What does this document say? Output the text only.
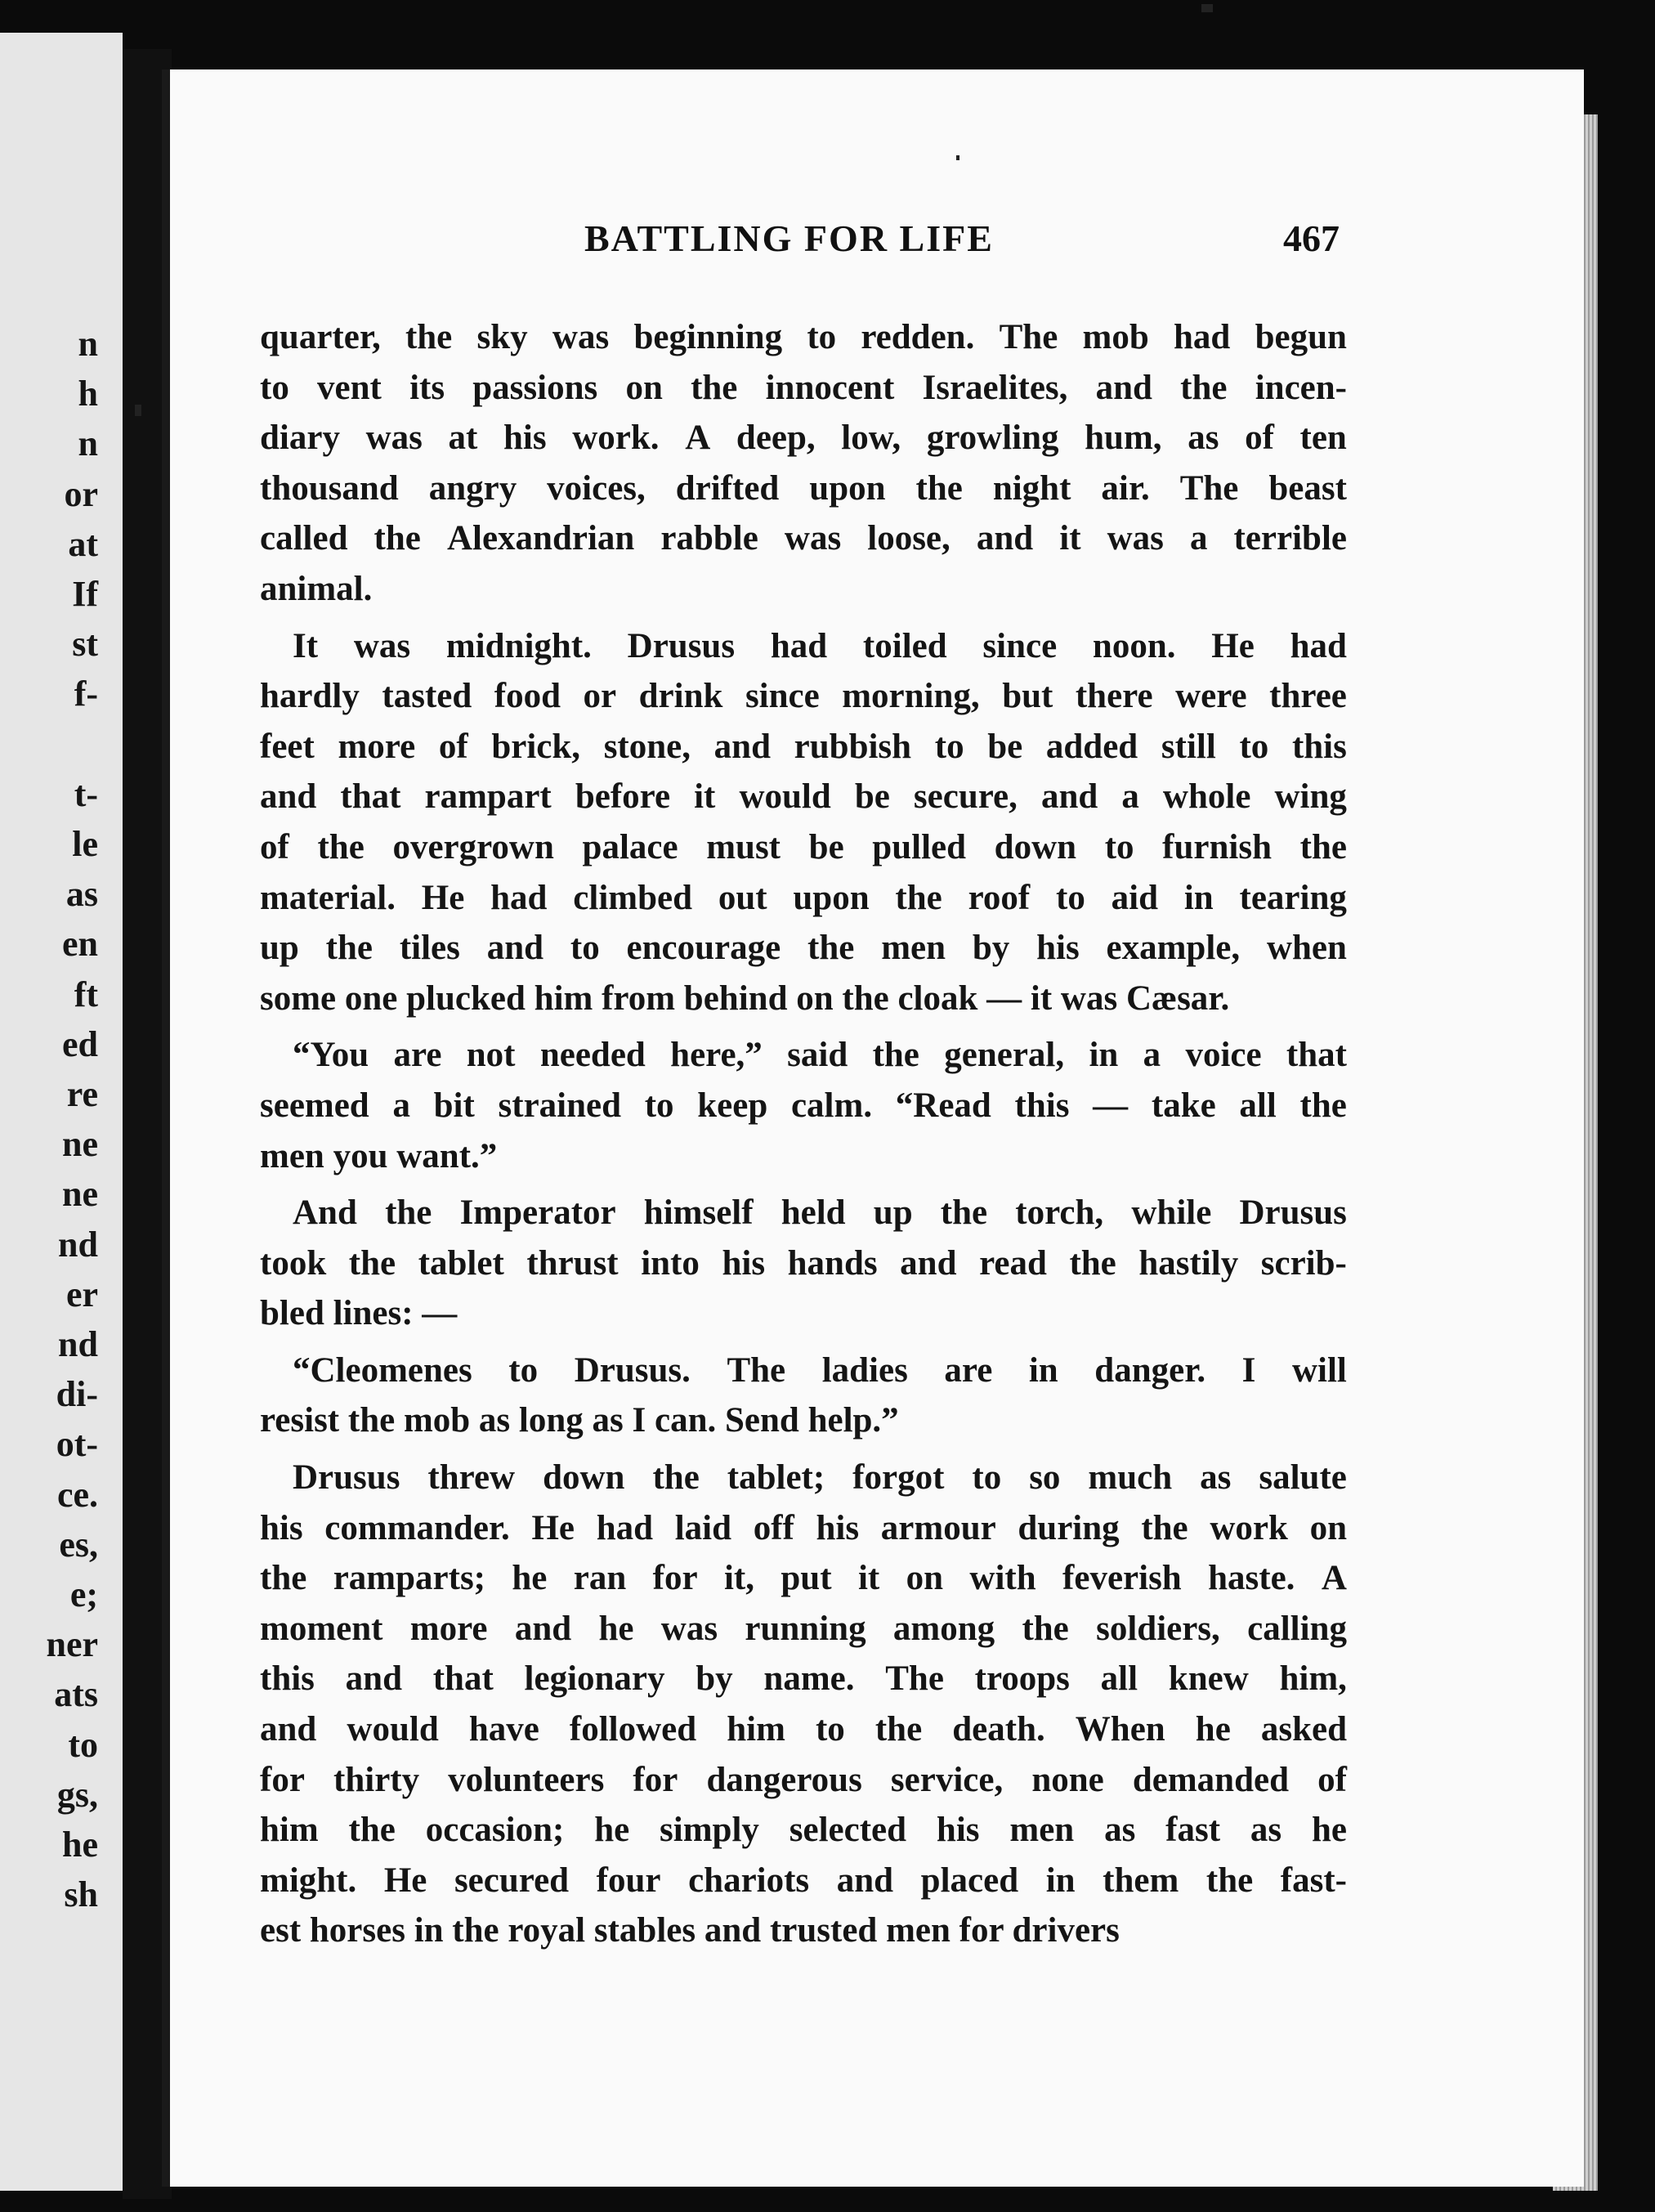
n
h
n
or
at
If
st
f-

t-
le
as
en
ft
ed
re
ne
ne
nd
er
nd
di-
ot-
ce.
es,
e;
ner
ats
to
gs,
he
sh
BATTLING FOR LIFE	467
quarter, the sky was beginning to redden. The mob had begun
to vent its passions on the innocent Israelites, and the incen-
diary was at his work. A deep, low, growling hum, as of ten
thousand angry voices, drifted upon the night air. The beast
called the Alexandrian rabble was loose, and it was a terrible
animal.
It was midnight. Drusus had toiled since noon. He had
hardly tasted food or drink since morning, but there were three
feet more of brick, stone, and rubbish to be added still to this
and that rampart before it would be secure, and a whole wing
of the overgrown palace must be pulled down to furnish the
material. He had climbed out upon the roof to aid in tearing
up the tiles and to encourage the men by his example, when
some one plucked him from behind on the cloak — it was Cæsar.
“You are not needed here,” said the general, in a voice that
seemed a bit strained to keep calm. “Read this — take all the
men you want.”
And the Imperator himself held up the torch, while Drusus
took the tablet thrust into his hands and read the hastily scrib-
bled lines: —
“Cleomenes to Drusus. The ladies are in danger. I will
resist the mob as long as I can. Send help.”
Drusus threw down the tablet; forgot to so much as salute
his commander. He had laid off his armour during the work on
the ramparts; he ran for it, put it on with feverish haste. A
moment more and he was running among the soldiers, calling
this and that legionary by name. The troops all knew him,
and would have followed him to the death. When he asked
for thirty volunteers for dangerous service, none demanded of
him the occasion; he simply selected his men as fast as he
might. He secured four chariots and placed in them the fast-
est horses in the royal stables and trusted men for drivers
